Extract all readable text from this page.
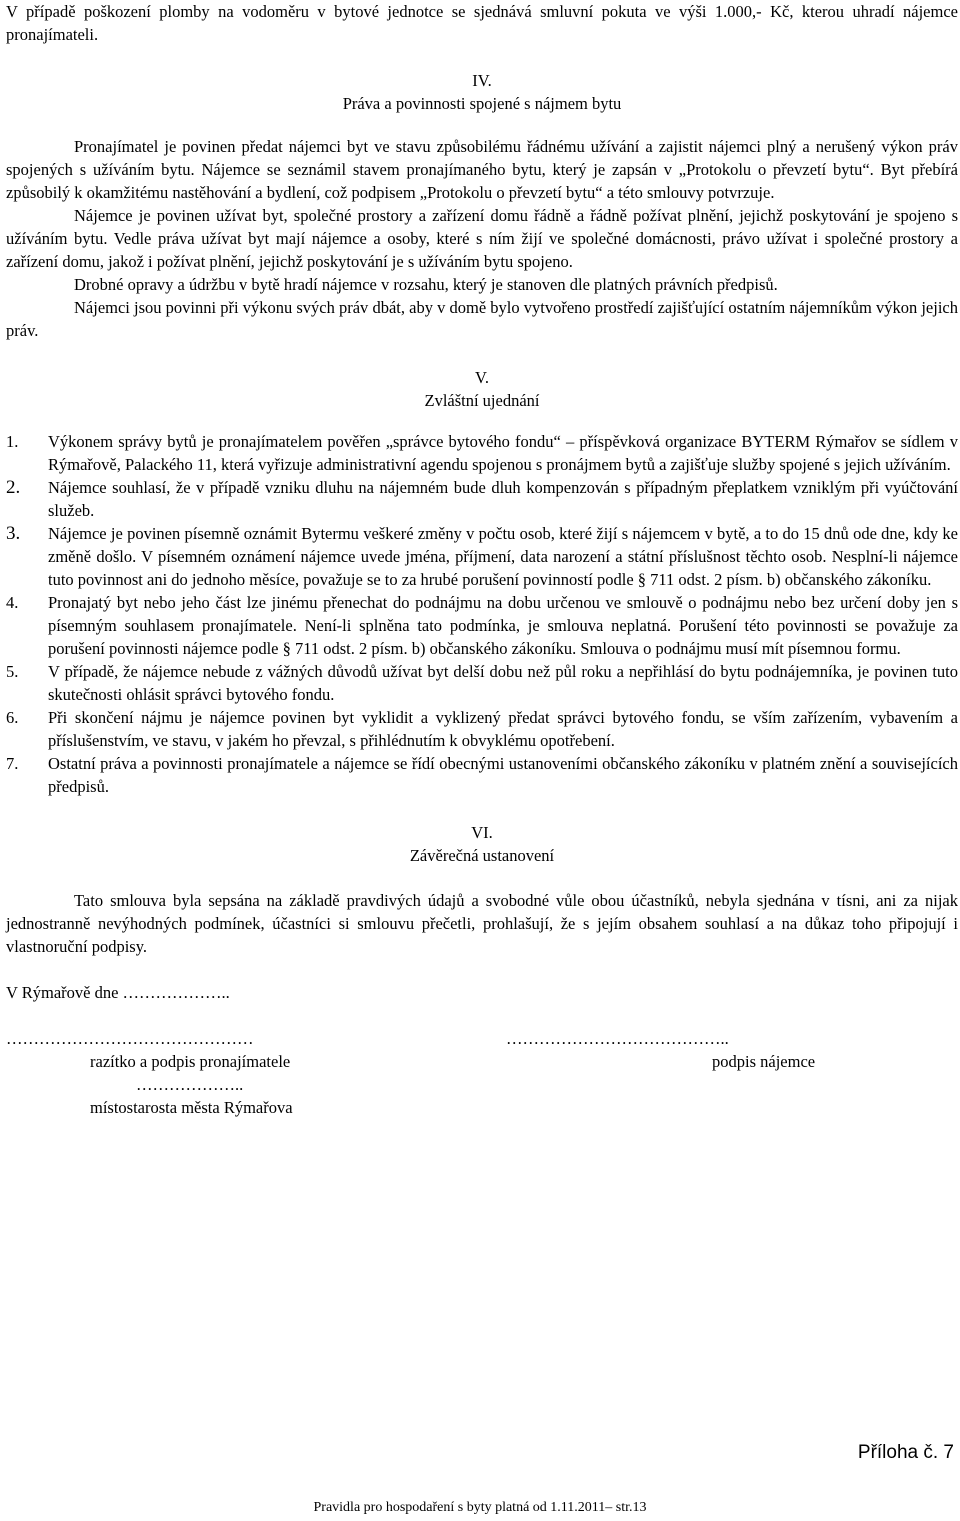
V případě poškození plomby na vodoměru v bytové jednotce se sjednává smluvní pokuta ve výši 1.000,- Kč, kterou uhradí nájemce pronajímateli.

IV.
Práva a povinnosti spojené s nájmem bytu

Pronajímatel je povinen předat nájemci byt ve stavu způsobilému řádnému užívání a zajistit nájemci plný a nerušený výkon práv spojených s užíváním bytu. Nájemce se seznámil stavem pronajímaného bytu, který je zapsán v „Protokolu o převzetí bytu“. Byt přebírá způsobilý k okamžitému nastěhování a bydlení, což podpisem „Protokolu o převzetí bytu“ a této smlouvy potvrzuje.

Nájemce je povinen užívat byt, společné prostory a zařízení domu řádně a řádně požívat plnění, jejichž poskytování je spojeno s užíváním bytu. Vedle práva užívat byt mají nájemce a osoby, které s ním žijí ve společné domácnosti, právo užívat i společné prostory a zařízení domu, jakož i požívat plnění, jejichž poskytování je s užíváním bytu spojeno.

Drobné opravy a údržbu v bytě hradí nájemce v rozsahu, který je stanoven dle platných právních předpisů.

Nájemci jsou povinni při výkonu svých práv dbát, aby v domě bylo vytvořeno prostředí zajišťující ostatním nájemníkům výkon jejich práv.

V.
Zvláštní ujednání
1. Výkonem správy bytů je pronajímatelem pověřen „správce bytového fondu“ – příspěvková organizace BYTERM Rýmařov se sídlem v Rýmařově, Palackého 11, která vyřizuje administrativní agendu spojenou s pronájmem bytů a zajišťuje služby spojené s jejich užíváním.
2. Nájemce souhlasí, že v případě vzniku dluhu na nájemném bude dluh kompenzován s případným přeplatkem vzniklým při vyúčtování služeb.
3. Nájemce je povinen písemně oznámit Bytermu veškeré změny v počtu osob, které žijí s nájemcem v bytě, a to do 15 dnů ode dne, kdy ke změně došlo. V písemném oznámení nájemce uvede jména, příjmení, data narození a státní příslušnost těchto osob. Nesplní-li nájemce tuto povinnost ani do jednoho měsíce, považuje se to za hrubé porušení povinností podle § 711 odst. 2 písm. b) občanského zákoníku.
4. Pronajatý byt nebo jeho část lze jinému přenechat do podnájmu na dobu určenou ve smlouvě o podnájmu nebo bez určení doby jen s písemným souhlasem pronajímatele. Není-li splněna tato podmínka, je smlouva neplatná. Porušení této povinnosti se považuje za porušení povinnosti nájemce podle § 711 odst. 2 písm. b) občanského zákoníku. Smlouva o podnájmu musí mít písemnou formu.
5. V případě, že nájemce nebude z vážných důvodů užívat byt delší dobu než půl roku a nepřihlásí do bytu podnájemníka, je povinen tuto skutečnosti ohlásit správci bytového fondu.
6. Při skončení nájmu je nájemce povinen byt vyklidit a vyklizený předat správci bytového fondu, se vším zařízením, vybavením a příslušenstvím, ve stavu, v jakém ho převzal, s přihlédnutím k obvyklému opotřebení.
7. Ostatní práva a povinnosti pronajímatele a nájemce se řídí obecnými ustanoveními občanského zákoníku v platném znění a souvisejících předpisů.
VI.
Závěrečná ustanovení

Tato smlouva byla sepsána na základě pravdivých údajů a svobodné vůle obou účastníků, nebyla sjednána v tísni, ani za nijak jednostranně nevýhodných podmínek, účastníci si smlouvu přečetli, prohlašují, že s jejím obsahem souhlasí a na důkaz toho připojují i vlastnoruční podpisy.

V Rýmařově dne ………………..

………………………………………	…………………………………..
razítko a podpis pronajímatele	podpis nájemce
………………..
místostarosta města Rýmařova
Příloha č. 7
Pravidla pro hospodaření s byty platná od 1.11.2011– str.13
